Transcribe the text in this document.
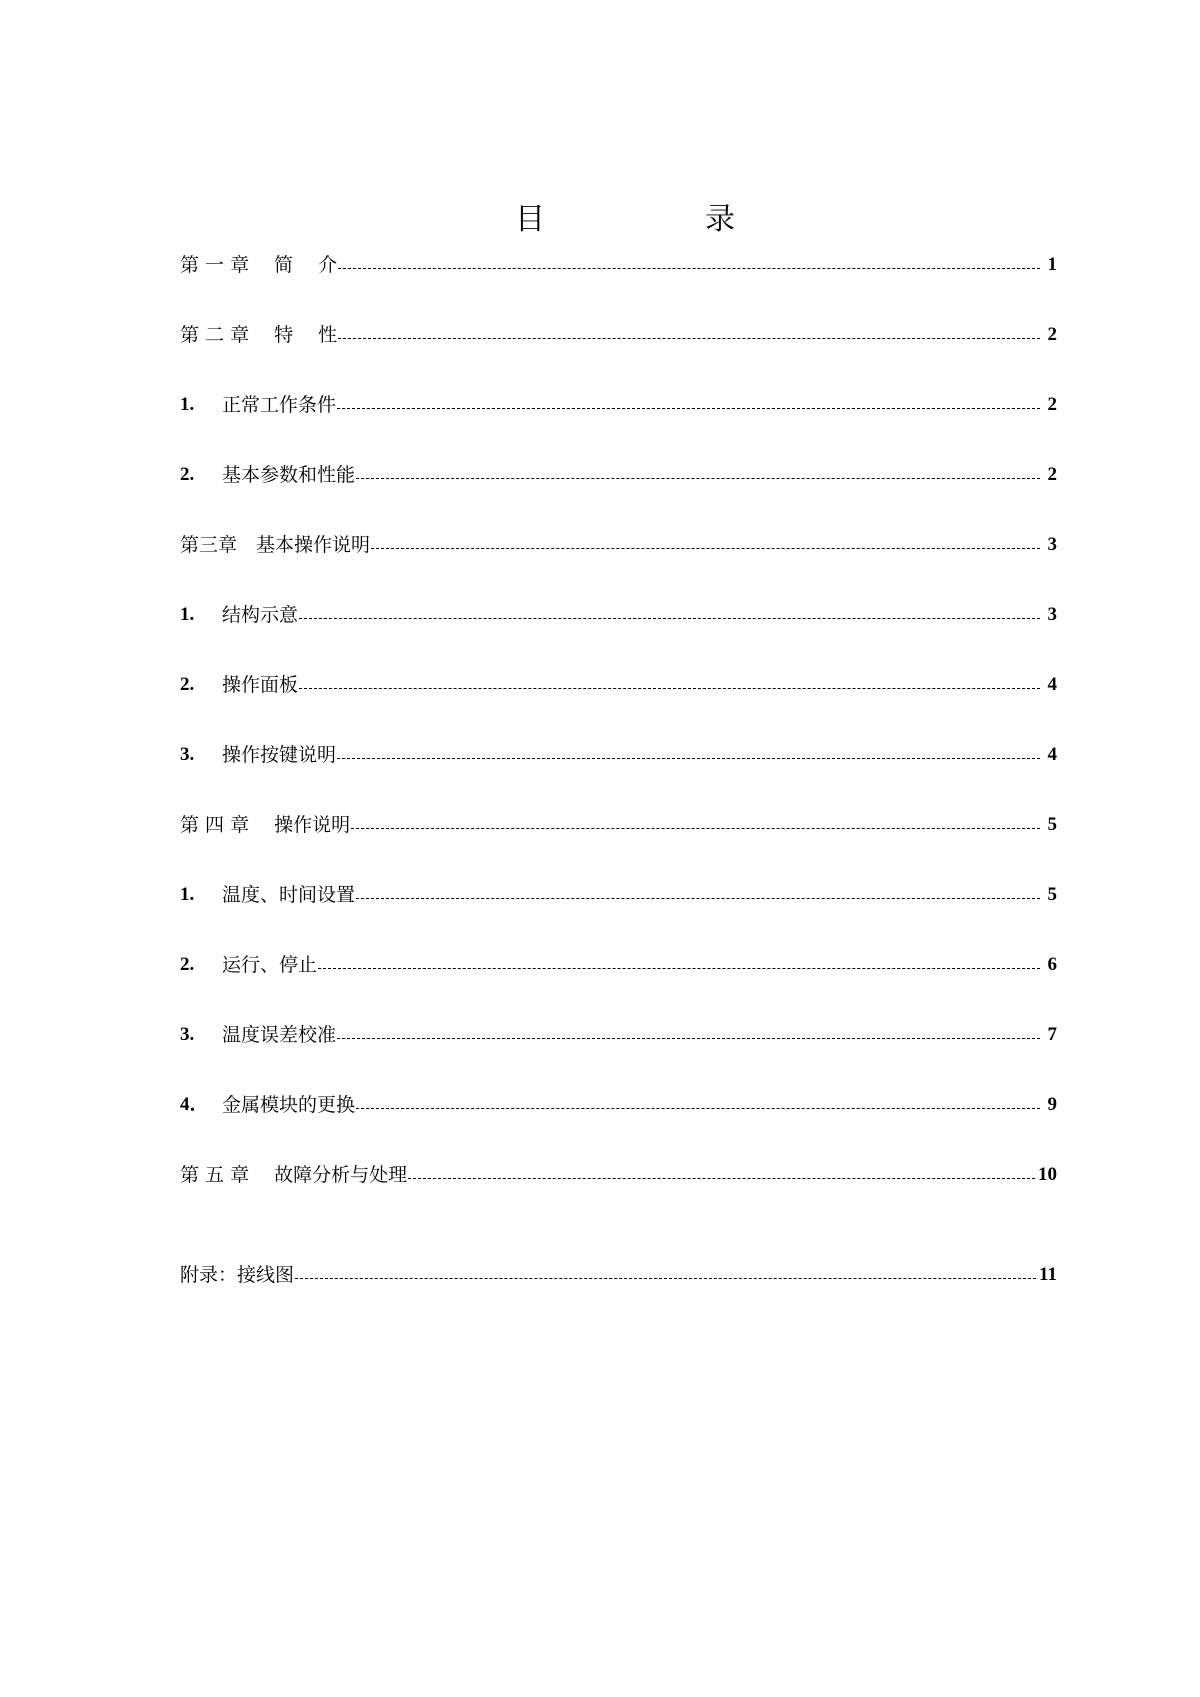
目	录
第 一 章 　简 　介	1
第 二 章 　特 　性	2
1.	正常工作条件	2
2.	基本参数和性能	2
第三章　基本操作说明	3
1.	结构示意	3
2.	操作面板	4
3.	操作按键说明	4
第 四 章 　操作说明	5
1.	温度、时间设置	5
2.	运行、停止	6
3.	温度误差校准	7
4． 金属模块的更换	9
第 五 章 　故障分析与处理	10
附录：接线图	11
